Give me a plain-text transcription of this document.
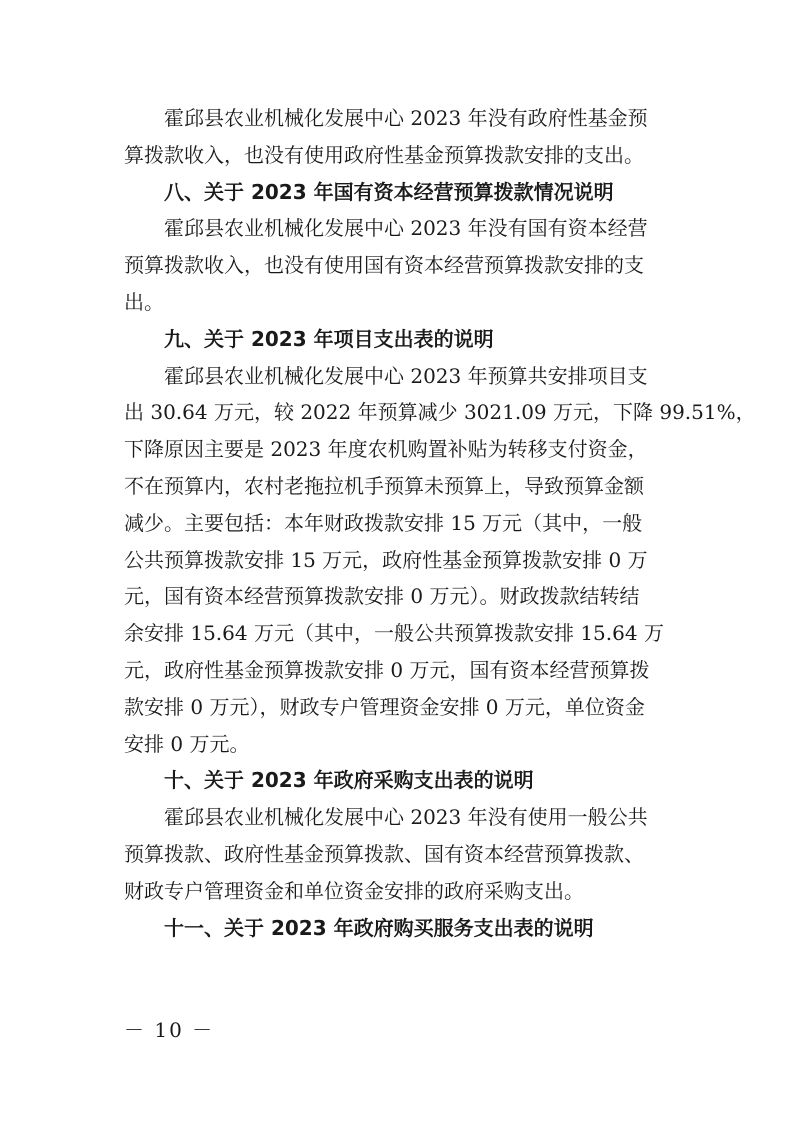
霍邱县农业机械化发展中心 2023 年没有政府性基金预
算拨款收入，也没有使用政府性基金预算拨款安排的支出。
八、关于 2023 年国有资本经营预算拨款情况说明
霍邱县农业机械化发展中心 2023 年没有国有资本经营
预算拨款收入，也没有使用国有资本经营预算拨款安排的支
出。
九、关于 2023 年项目支出表的说明
霍邱县农业机械化发展中心 2023 年预算共安排项目支
出 30.64 万元，较 2022 年预算减少 3021.09 万元，下降 99.51%，
下降原因主要是 2023 年度农机购置补贴为转移支付资金，
不在预算内，农村老拖拉机手预算未预算上，导致预算金额
减少。主要包括：本年财政拨款安排 15 万元（其中，一般
公共预算拨款安排 15 万元，政府性基金预算拨款安排 0 万
元，国有资本经营预算拨款安排 0 万元）。财政拨款结转结
余安排 15.64 万元（其中，一般公共预算拨款安排 15.64 万
元，政府性基金预算拨款安排 0 万元，国有资本经营预算拨
款安排 0 万元），财政专户管理资金安排 0 万元，单位资金
安排 0 万元。
十、关于 2023 年政府采购支出表的说明
霍邱县农业机械化发展中心 2023 年没有使用一般公共
预算拨款、政府性基金预算拨款、国有资本经营预算拨款、
财政专户管理资金和单位资金安排的政府采购支出。
十一、关于 2023 年政府购买服务支出表的说明
－ 10 －
